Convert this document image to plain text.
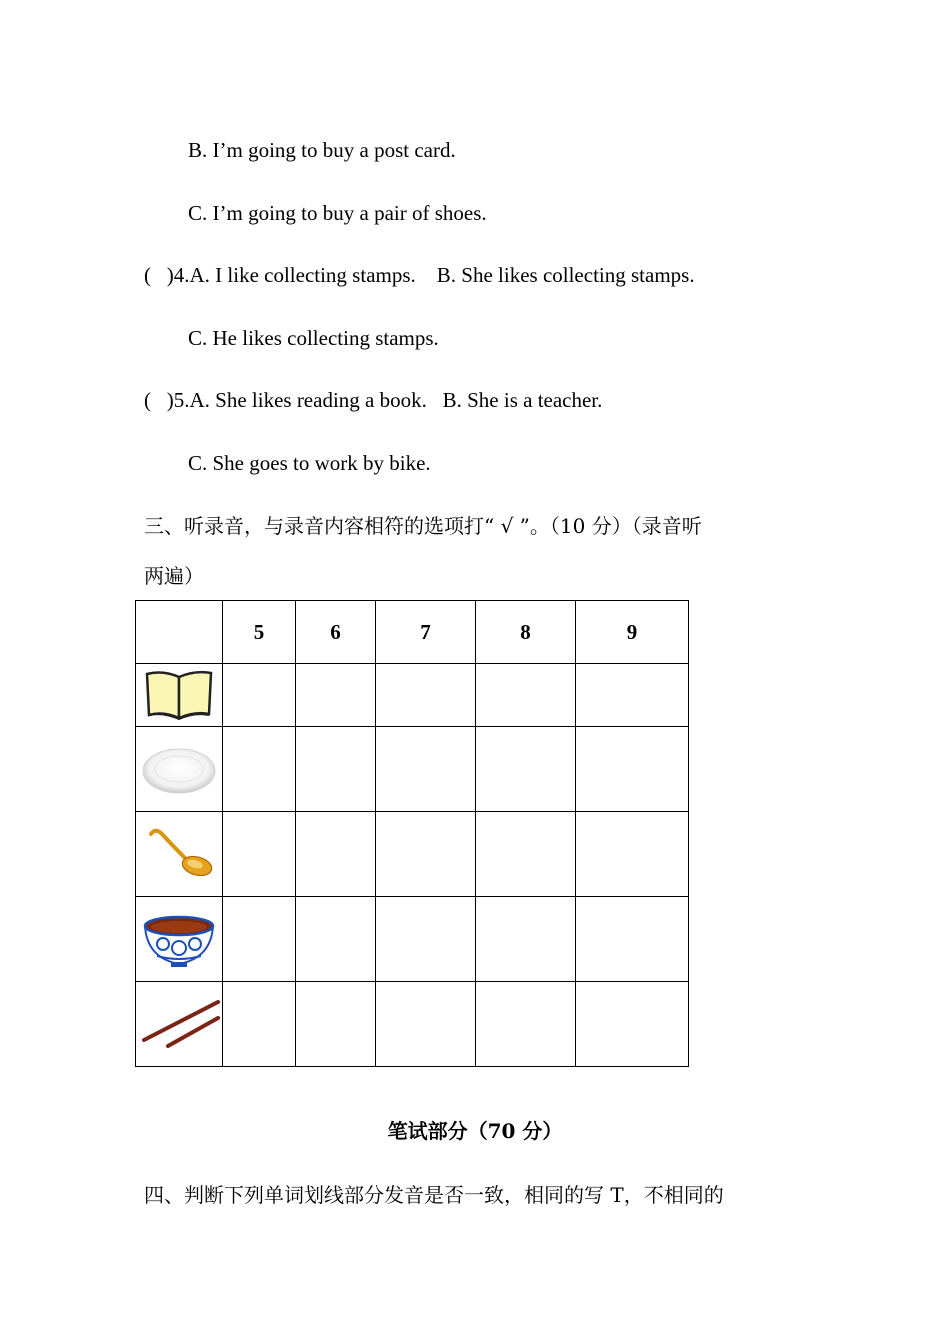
B. I’m going to buy a post card.
C. I’m going to buy a pair of shoes.
(   )4.A. I like collecting stamps.    B. She likes collecting stamps.
C. He likes collecting stamps.
(   )5.A. She likes reading a book.   B. She is a teacher.
C. She goes to work by bike.
三、听录音，与录音内容相符的选项打“ √ ”。（10 分）（录音听
两遍）
	5	6	7	8	9

笔试部分（70 分）
四、判断下列单词划线部分发音是否一致，相同的写 T，不相同的
